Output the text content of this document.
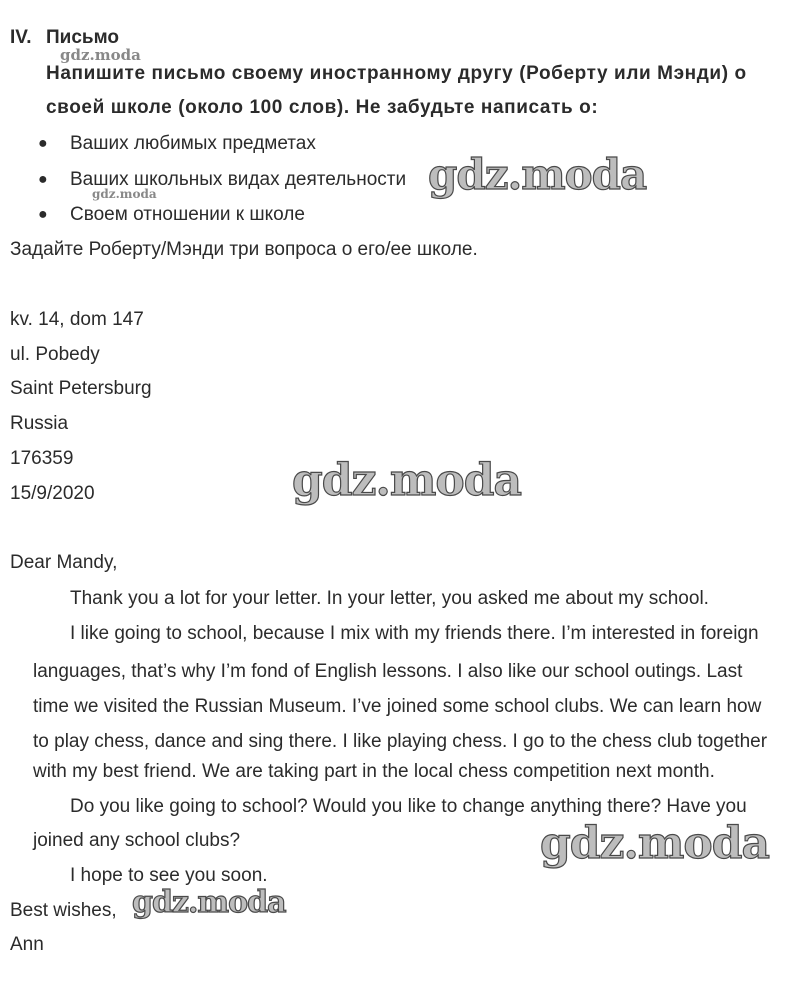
IV. Письмо
gdz.moda
Напишите письмо своему иностранному другу (Роберту или Мэнди) о
своей школе (около 100 слов). Не забудьте написать о:
● Ваших любимых предметах
● Ваших школьных видах деятельности
gdz.moda
● Своем отношении к школе
Задайте Роберту/Мэнди три вопроса о его/ее школе.
gdz.moda
kv. 14, dom 147
ul. Pobedy
Saint Petersburg
Russia
176359
15/9/2020	gdz.moda
Dear Mandy,
Thank you a lot for your letter. In your letter, you asked me about my school.
I like going to school, because I mix with my friends there. I’m interested in foreign
languages, that’s why I’m fond of English lessons. I also like our school outings. Last
time we visited the Russian Museum. I’ve joined some school clubs. We can learn how
to play chess, dance and sing there. I like playing chess. I go to the chess club together
with my best friend. We are taking part in the local chess competition next month.
Do you like going to school? Would you like to change anything there? Have you
joined any school clubs?	gdz.moda
I hope to see you soon.
Best wishes, gdz.moda
Ann
